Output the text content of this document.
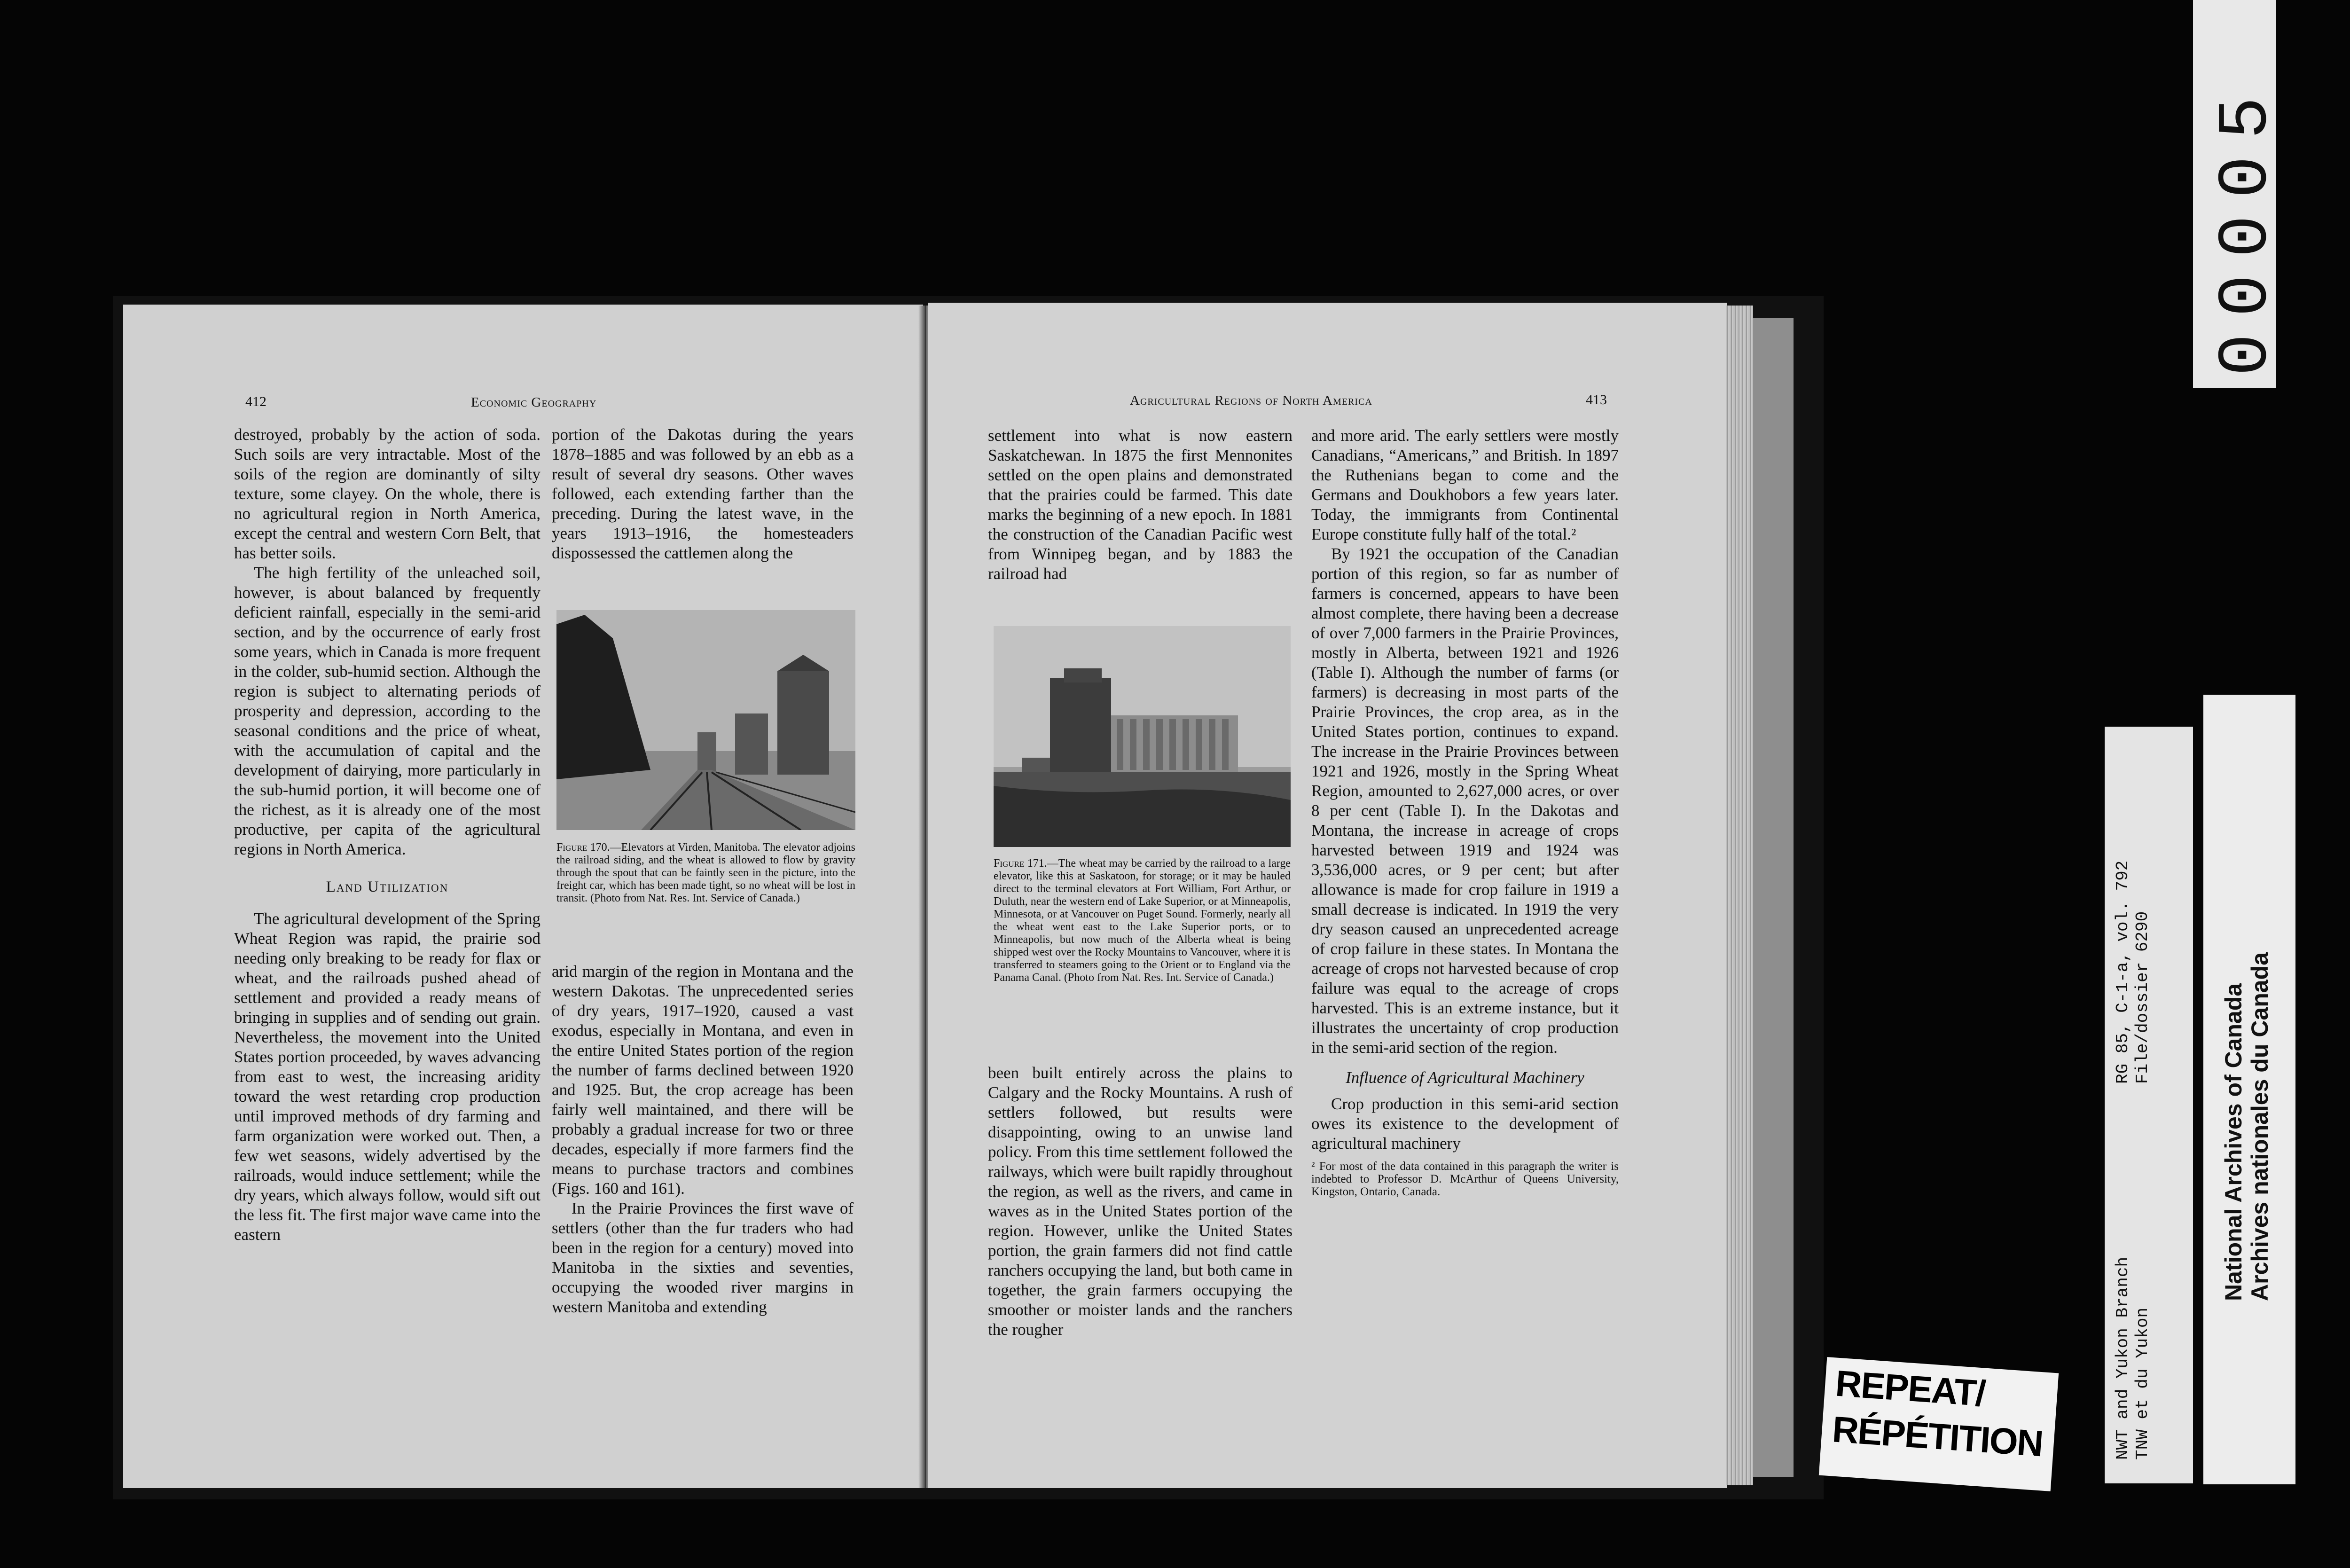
412	Economic Geography

destroyed, probably by the action of soda. Such soils are very intractable. Most of the soils of the region are dominantly of silty texture, some clayey. On the whole, there is no agricultural region in North America, except the central and western Corn Belt, that has better soils.

The high fertility of the unleached soil, however, is about balanced by frequently deficient rainfall, especially in the semi-arid section, and by the occurrence of early frost some years, which in Canada is more frequent in the colder, sub-humid section. Although the region is subject to alternating periods of prosperity and depression, according to the seasonal conditions and the price of wheat, with the accumulation of capital and the development of dairying, more particularly in the sub-humid portion, it will become one of the richest, as it is already one of the most productive, per capita of the agricultural regions in North America.

Land Utilization

The agricultural development of the Spring Wheat Region was rapid, the prairie sod needing only breaking to be ready for flax or wheat, and the railroads pushed ahead of settlement and provided a ready means of bringing in supplies and of sending out grain. Nevertheless, the movement into the United States portion proceeded, by waves advancing from east to west, the increasing aridity toward the west retarding crop production until improved methods of dry farming and farm organization were worked out. Then, a few wet seasons, widely advertised by the railroads, would induce settlement; while the dry years, which always follow, would sift out the less fit. The first major wave came into the eastern

portion of the Dakotas during the years 1878–1885 and was followed by an ebb as a result of several dry seasons. Other waves followed, each extending farther than the preceding. During the latest wave, in the years 1913–1916, the homesteaders dispossessed the cattlemen along the

Figure 170.—Elevators at Virden, Manitoba. The elevator adjoins the railroad siding, and the wheat is allowed to flow by gravity through the spout that can be faintly seen in the picture, into the freight car, which has been made tight, so no wheat will be lost in transit. (Photo from Nat. Res. Int. Service of Canada.)

arid margin of the region in Montana and the western Dakotas. The unprecedented series of dry years, 1917–1920, caused a vast exodus, especially in Montana, and even in the entire United States portion of the region the number of farms declined between 1920 and 1925. But, the crop acreage has been fairly well maintained, and there will be probably a gradual increase for two or three decades, especially if more farmers find the means to purchase tractors and combines (Figs. 160 and 161).

In the Prairie Provinces the first wave of settlers (other than the fur traders who had been in the region for a century) moved into Manitoba in the sixties and seventies, occupying the wooded river margins in western Manitoba and extending

Agricultural Regions of North America	413

settlement into what is now eastern Saskatchewan. In 1875 the first Mennonites settled on the open plains and demonstrated that the prairies could be farmed. This date marks the beginning of a new epoch. In 1881 the construction of the Canadian Pacific west from Winnipeg began, and by 1883 the railroad had

Figure 171.—The wheat may be carried by the railroad to a large elevator, like this at Saskatoon, for storage; or it may be hauled direct to the terminal elevators at Fort William, Fort Arthur, or Duluth, near the western end of Lake Superior, or at Minneapolis, Minnesota, or at Vancouver on Puget Sound. Formerly, nearly all the wheat went east to the Lake Superior ports, or to Minneapolis, but now much of the Alberta wheat is being shipped west over the Rocky Mountains to Vancouver, where it is transferred to steamers going to the Orient or to England via the Panama Canal. (Photo from Nat. Res. Int. Service of Canada.)

been built entirely across the plains to Calgary and the Rocky Mountains. A rush of settlers followed, but results were disappointing, owing to an unwise land policy. From this time settlement followed the railways, which were built rapidly throughout the region, as well as the rivers, and came in waves as in the United States portion of the region. However, unlike the United States portion, the grain farmers did not find cattle ranchers occupying the land, but both came in together, the grain farmers occupying the smoother or moister lands and the ranchers the rougher

and more arid. The early settlers were mostly Canadians, “Americans,” and British. In 1897 the Ruthenians began to come and the Germans and Doukhobors a few years later. Today, the immigrants from Continental Europe constitute fully half of the total.²

By 1921 the occupation of the Canadian portion of this region, so far as number of farmers is concerned, appears to have been almost complete, there having been a decrease of over 7,000 farmers in the Prairie Provinces, mostly in Alberta, between 1921 and 1926 (Table I). Although the number of farms (or farmers) is decreasing in most parts of the Prairie Provinces, the crop area, as in the United States portion, continues to expand. The increase in the Prairie Provinces between 1921 and 1926, mostly in the Spring Wheat Region, amounted to 2,627,000 acres, or over 8 per cent (Table I). In the Dakotas and Montana, the increase in acreage of crops harvested between 1919 and 1924 was 3,536,000 acres, or 9 per cent; but after allowance is made for crop failure in 1919 a small decrease is indicated. In 1919 the very dry season caused an unprecedented acreage of crop failure in these states. In Montana the acreage of crops not harvested because of crop failure was equal to the acreage of crops harvested. This is an extreme instance, but it illustrates the uncertainty of crop production in the semi-arid section of the region.

Influence of Agricultural Machinery

Crop production in this semi-arid section owes its existence to the development of agricultural machinery

² For most of the data contained in this paragraph the writer is indebted to Professor D. McArthur of Queens University, Kingston, Ontario, Canada.
00005
NWT and Yukon Branch TNW et du Yukon
RG 85, C-1-a, vol. 792 File/dossier 6290	National Archives of Canada Archives nationales du Canada
REPEAT/
RÉPÉTITION
